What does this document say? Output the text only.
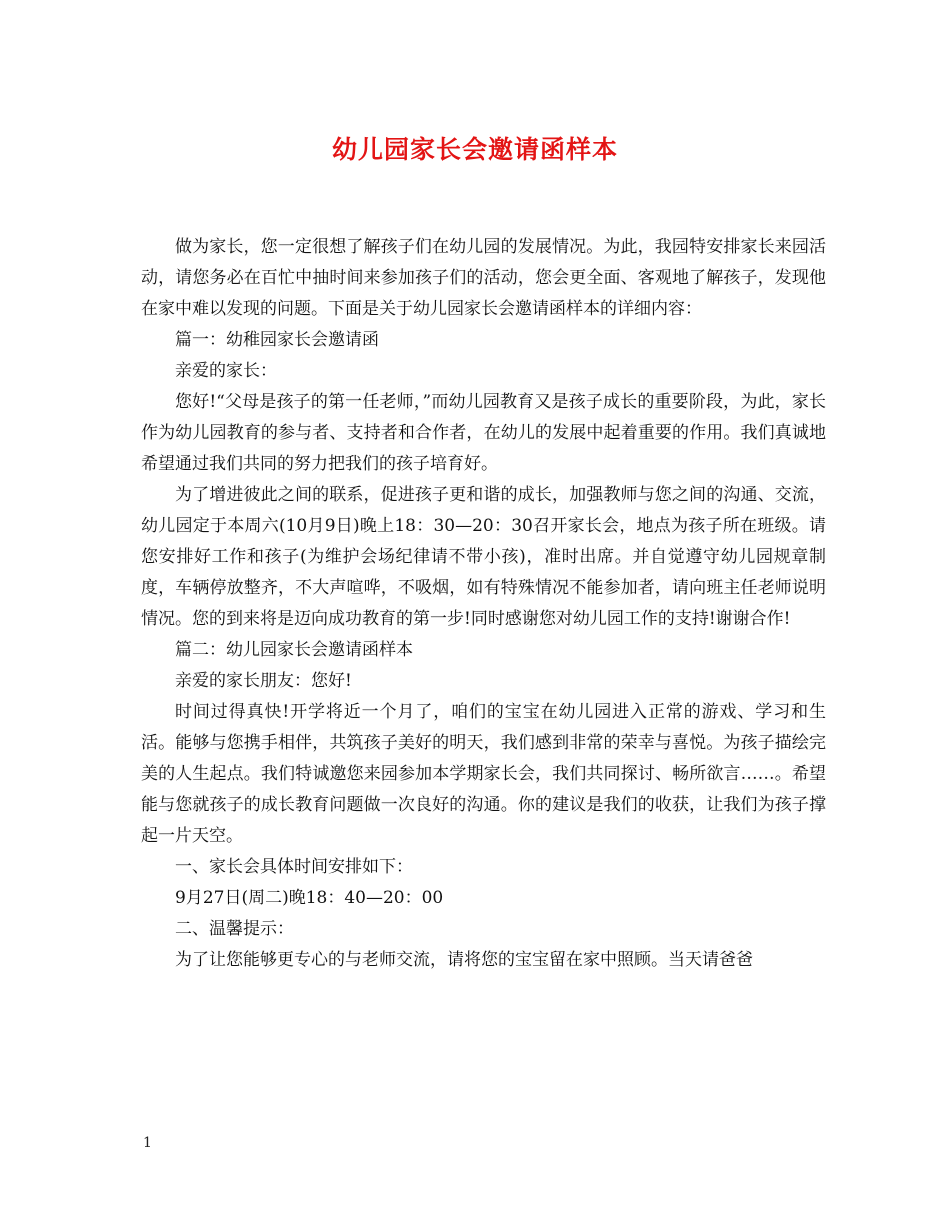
幼儿园家长会邀请函样本

做为家长，您一定很想了解孩子们在幼儿园的发展情况。为此，我园特安排家长来园活动，请您务必在百忙中抽时间来参加孩子们的活动，您会更全面、客观地了解孩子，发现他在家中难以发现的问题。下面是关于幼儿园家长会邀请函样本的详细内容：

篇一：幼稚园家长会邀请函

亲爱的家长：

您好!“父母是孩子的第一任老师，”而幼儿园教育又是孩子成长的重要阶段，为此，家长作为幼儿园教育的参与者、支持者和合作者，在幼儿的发展中起着重要的作用。我们真诚地希望通过我们共同的努力把我们的孩子培育好。

为了增进彼此之间的联系，促进孩子更和谐的成长，加强教师与您之间的沟通、交流，幼儿园定于本周六(10月9日)晚上18：30—20：30召开家长会，地点为孩子所在班级。请您安排好工作和孩子(为维护会场纪律请不带小孩)，准时出席。并自觉遵守幼儿园规章制度，车辆停放整齐，不大声喧哗，不吸烟，如有特殊情况不能参加者，请向班主任老师说明情况。您的到来将是迈向成功教育的第一步!同时感谢您对幼儿园工作的支持!谢谢合作!

篇二：幼儿园家长会邀请函样本

亲爱的家长朋友：您好!

时间过得真快!开学将近一个月了，咱们的宝宝在幼儿园进入正常的游戏、学习和生活。能够与您携手相伴，共筑孩子美好的明天，我们感到非常的荣幸与喜悦。为孩子描绘完美的人生起点。我们特诚邀您来园参加本学期家长会，我们共同探讨、畅所欲言……。希望能与您就孩子的成长教育问题做一次良好的沟通。你的建议是我们的收获，让我们为孩子撑起一片天空。

一、家长会具体时间安排如下：

9月27日(周二)晚18：40—20：00

二、温馨提示：

为了让您能够更专心的与老师交流，请将您的宝宝留在家中照顾。当天请爸爸

1
